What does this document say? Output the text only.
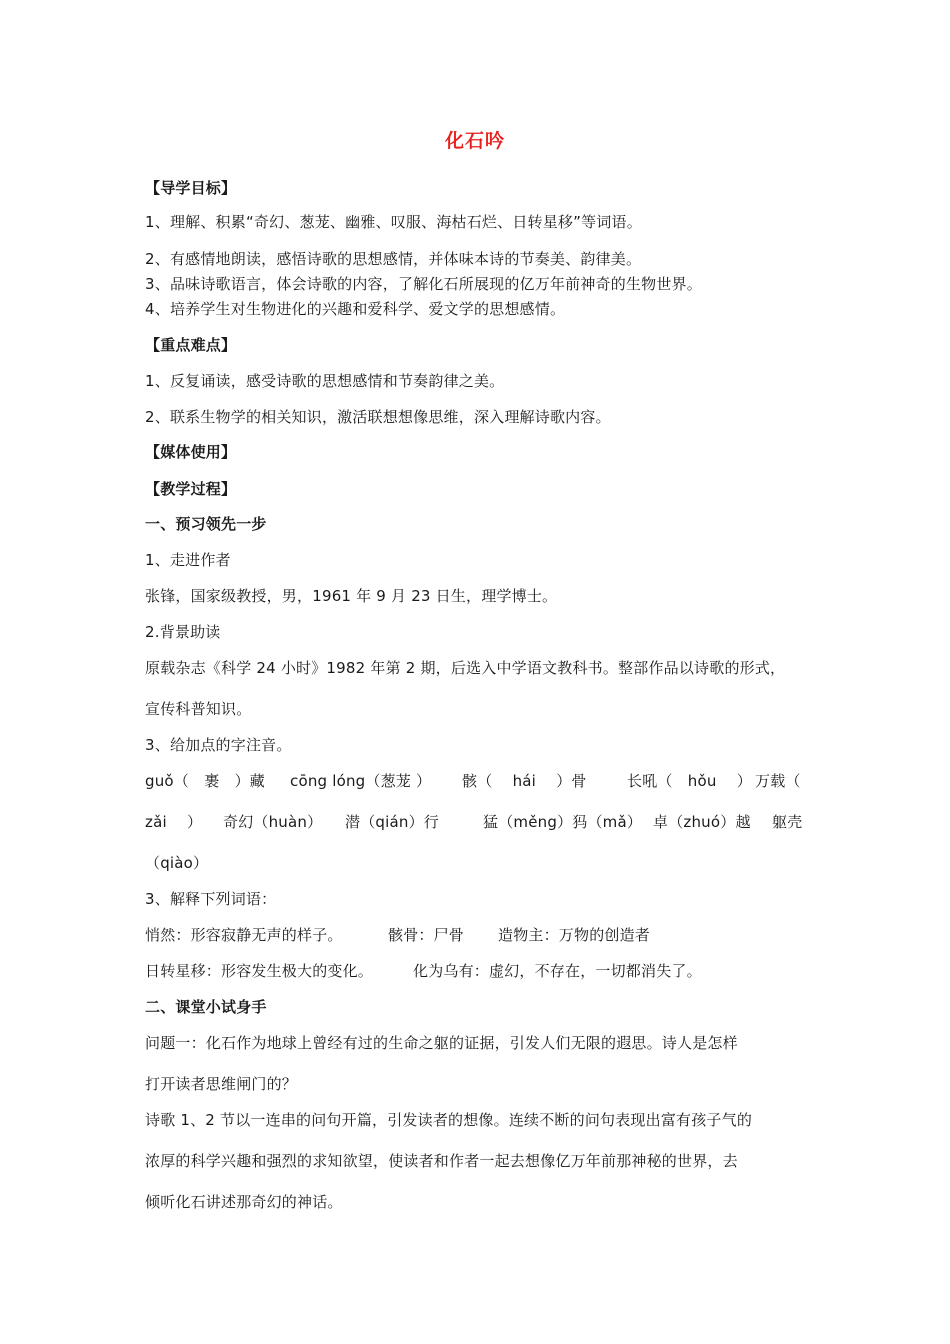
化石吟
【导学目标】
1、理解、积累“奇幻、葱茏、幽雅、叹服、海枯石烂、日转星移”等词语。
2、有感情地朗读，感悟诗歌的思想感情，并体味本诗的节奏美、韵律美。
3、品味诗歌语言，体会诗歌的内容，了解化石所展现的亿万年前神奇的生物世界。
4、培养学生对生物进化的兴趣和爱科学、爱文学的思想感情。
【重点难点】
1、反复诵读，感受诗歌的思想感情和节奏韵律之美。
2、联系生物学的相关知识，激活联想想像思维，深入理解诗歌内容。
【媒体使用】
【教学过程】
一、预习领先一步
1、走进作者
张锋，国家级教授，男，1961 年 9 月 23 日生，理学博士。
2.背景助读
原载杂志《科学 24 小时》1982 年第 2 期，后选入中学语文教科书。整部作品以诗歌的形式，
宣传科普知识。
3、给加点的字注音。
guǒ（　裹　）藏 cōng lóng（葱茏 ） 骸（　 hái　 ）骨	长吼（　hǒu　 ） 万载（
zǎi　 ） 奇幻（huàn） 潜（qián）行	猛（měng）犸（mǎ） 卓（zhuó）越 躯壳
（qiào）
3、解释下列词语：
悄然：形容寂静无声的样子。	骸骨：尸骨 造物主：万物的创造者
日转星移：形容发生极大的变化。	化为乌有：虚幻，不存在，一切都消失了。
二、课堂小试身手
问题一：化石作为地球上曾经有过的生命之躯的证据，引发人们无限的遐思。诗人是怎样
打开读者思维闸门的？
诗歌 1、2 节以一连串的问句开篇，引发读者的想像。连续不断的问句表现出富有孩子气的
浓厚的科学兴趣和强烈的求知欲望，使读者和作者一起去想像亿万年前那神秘的世界，去
倾听化石讲述那奇幻的神话。
